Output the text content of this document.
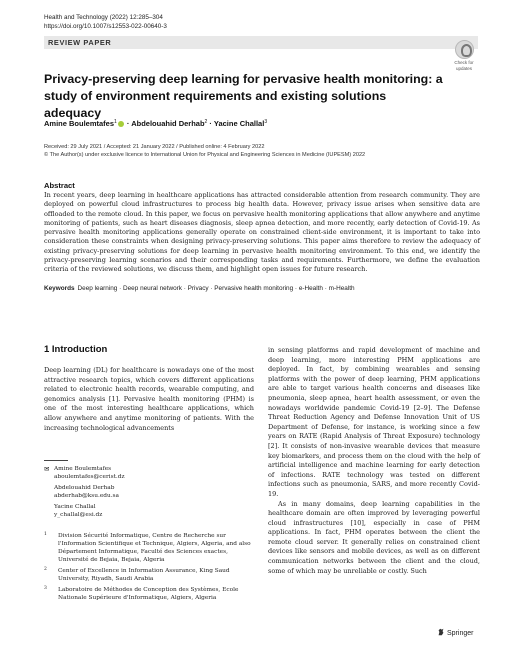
Health and Technology (2022) 12:285–304
https://doi.org/10.1007/s12553-022-00640-3
REVIEW PAPER
Check for
updates
Privacy-preserving deep learning for pervasive health monitoring: a study of environment requirements and existing solutions adequacy
Amine Boulemtafes$^1$ · Abdelouahid Derhab$^2$ · Yacine Challal$^3$
Received: 29 July 2021 / Accepted: 21 January 2022 / Published online: 4 February 2022
© The Author(s) under exclusive licence to International Union for Physical and Engineering Sciences in Medicine (IUPESM) 2022
Abstract

In recent years, deep learning in healthcare applications has attracted considerable attention from research community. They are deployed on powerful cloud infrastructures to process big health data. However, privacy issue arises when sensitive data are offloaded to the remote cloud. In this paper, we focus on pervasive health monitoring applications that allow anywhere and anytime monitoring of patients, such as heart diseases diagnosis, sleep apnea detection, and more recently, early detection of Covid-19. As pervasive health monitoring applications generally operate on constrained client-side environment, it is important to take into consideration these constraints when designing privacy-preserving solutions. This paper aims therefore to review the adequacy of existing privacy-preserving solutions for deep learning in pervasive health monitoring environment. To this end, we identify the privacy-preserving learning scenarios and their corresponding tasks and requirements. Furthermore, we define the evaluation criteria of the reviewed solutions, we discuss them, and highlight open issues for future research.

Keywords Deep learning · Deep neural network · Privacy · Pervasive health monitoring · e-Health · m-Health
1 Introduction

Deep learning (DL) for healthcare is nowadays one of the most attractive research topics, which covers different applications related to electronic health records, wearable computing, and genomics analysis [1]. Pervasive health monitoring (PHM) is one of the most interesting healthcare applications, which allow anywhere and anytime monitoring of patients. With the increasing technological advancements

in sensing platforms and rapid development of machine and deep learning, more interesting PHM applications are deployed. In fact, by combining wearables and sensing platforms with the power of deep learning, PHM applications are able to target various health concerns and diseases like pneumonia, sleep apnea, heart health assessment, or even the nowadays worldwide pandemic Covid-19 [2–9]. The Defense Threat Reduction Agency and Defense Innovation Unit of US Department of Defense, for instance, is working since a few years on RATE (Rapid Analysis of Threat Exposure) technology [2]. It consists of non-invasive wearable devices that measure key biomarkers, and process them on the cloud with the help of artificial intelligence and machine learning for early detection of infections. RATE technology was tested on different infections such as pneumonia, SARS, and more recently Covid-19.

As in many domains, deep learning capabilities in the healthcare domain are often improved by leveraging powerful cloud infrastructures [10], especially in case of PHM applications. In fact, PHM operates between the client the remote cloud server. It generally relies on constrained client devices like sensors and mobile devices, as well as on different communication networks between the client and the cloud, some of which may be unreliable or costly. Such

✉ Amine Boulemtafes
aboulemtafes@cerist.dz
Abdelouahid Derhab
abderhab@ksu.edu.sa
Yacine Challal
y_challal@esi.dz
1 Division Sécurité Informatique, Centre de Recherche sur l'Information Scientifique et Technique, Algiers, Algeria, and also Département Informatique, Faculté des Sciences exactes, Université de Bejaia, Bejaia, Algeria
2 Center of Excellence in Information Assurance, King Saud University, Riyadh, Saudi Arabia
3 Laboratoire de Méthodes de Conception des Systèmes, Ecole Nationale Supérieure d'Informatique, Algiers, Algeria
Springer
